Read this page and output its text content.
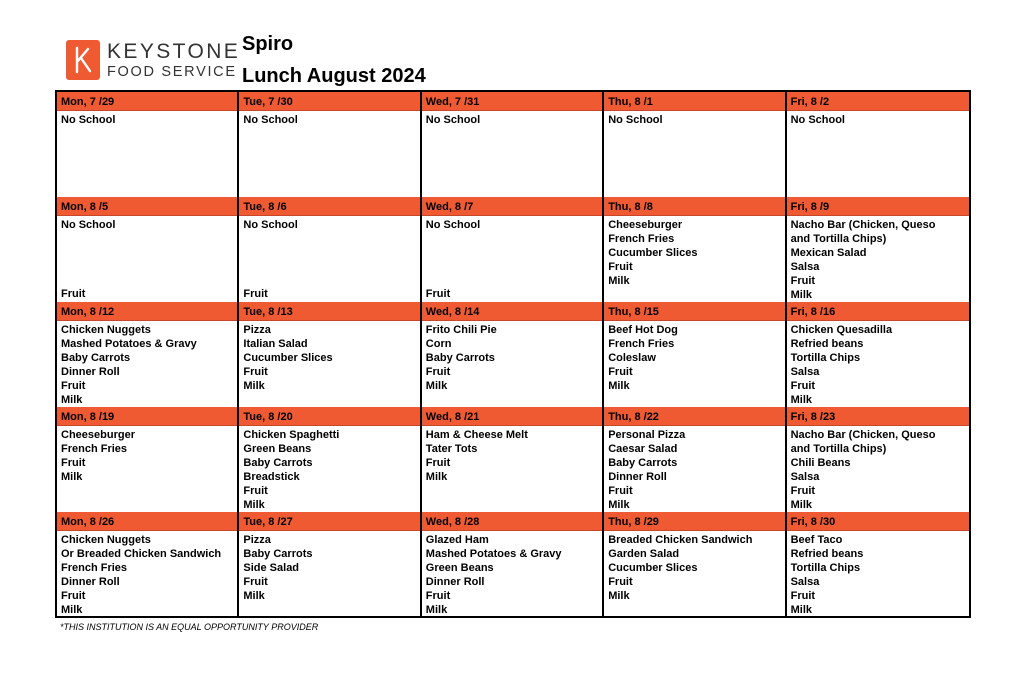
KEYSTONE
FOOD SERVICE
Spiro
Lunch August 2024
Mon, 7 /29
No School
Tue, 7 /30
No School
Wed, 7 /31
No School
Thu, 8 /1
No School
Fri, 8 /2
No School
Mon, 8 /5
No School
Fruit
Tue, 8 /6
No School
Fruit
Wed, 8 /7
No School
Fruit
Thu, 8 /8
Cheeseburger
French Fries
Cucumber Slices
Fruit
Milk
Fri, 8 /9
Nacho Bar (Chicken, Queso
and Tortilla Chips)
Mexican Salad
Salsa
Fruit
Milk
Mon, 8 /12
Chicken Nuggets
Mashed Potatoes & Gravy
Baby Carrots
Dinner Roll
Fruit
Milk
Tue, 8 /13
Pizza
Italian Salad
Cucumber Slices
Fruit
Milk
Wed, 8 /14
Frito Chili Pie
Corn
Baby Carrots
Fruit
Milk
Thu, 8 /15
Beef Hot Dog
French Fries
Coleslaw
Fruit
Milk
Fri, 8 /16
Chicken Quesadilla
Refried beans
Tortilla Chips
Salsa
Fruit
Milk
Mon, 8 /19
Cheeseburger
French Fries
Fruit
Milk
Tue, 8 /20
Chicken Spaghetti
Green Beans
Baby Carrots
Breadstick
Fruit
Milk
Wed, 8 /21
Ham & Cheese Melt
Tater Tots
Fruit
Milk
Thu, 8 /22
Personal Pizza
Caesar Salad
Baby Carrots
Dinner Roll
Fruit
Milk
Fri, 8 /23
Nacho Bar (Chicken, Queso
and Tortilla Chips)
Chili Beans
Salsa
Fruit
Milk
Mon, 8 /26
Chicken Nuggets
Or Breaded Chicken Sandwich
French Fries
Dinner Roll
Fruit
Milk
Tue, 8 /27
Pizza
Baby Carrots
Side Salad
Fruit
Milk
Wed, 8 /28
Glazed Ham
Mashed Potatoes & Gravy
Green Beans
Dinner Roll
Fruit
Milk
Thu, 8 /29
Breaded Chicken Sandwich
Garden Salad
Cucumber Slices
Fruit
Milk
Fri, 8 /30
Beef Taco
Refried beans
Tortilla Chips
Salsa
Fruit
Milk
*THIS INSTITUTION IS AN EQUAL OPPORTUNITY PROVIDER
